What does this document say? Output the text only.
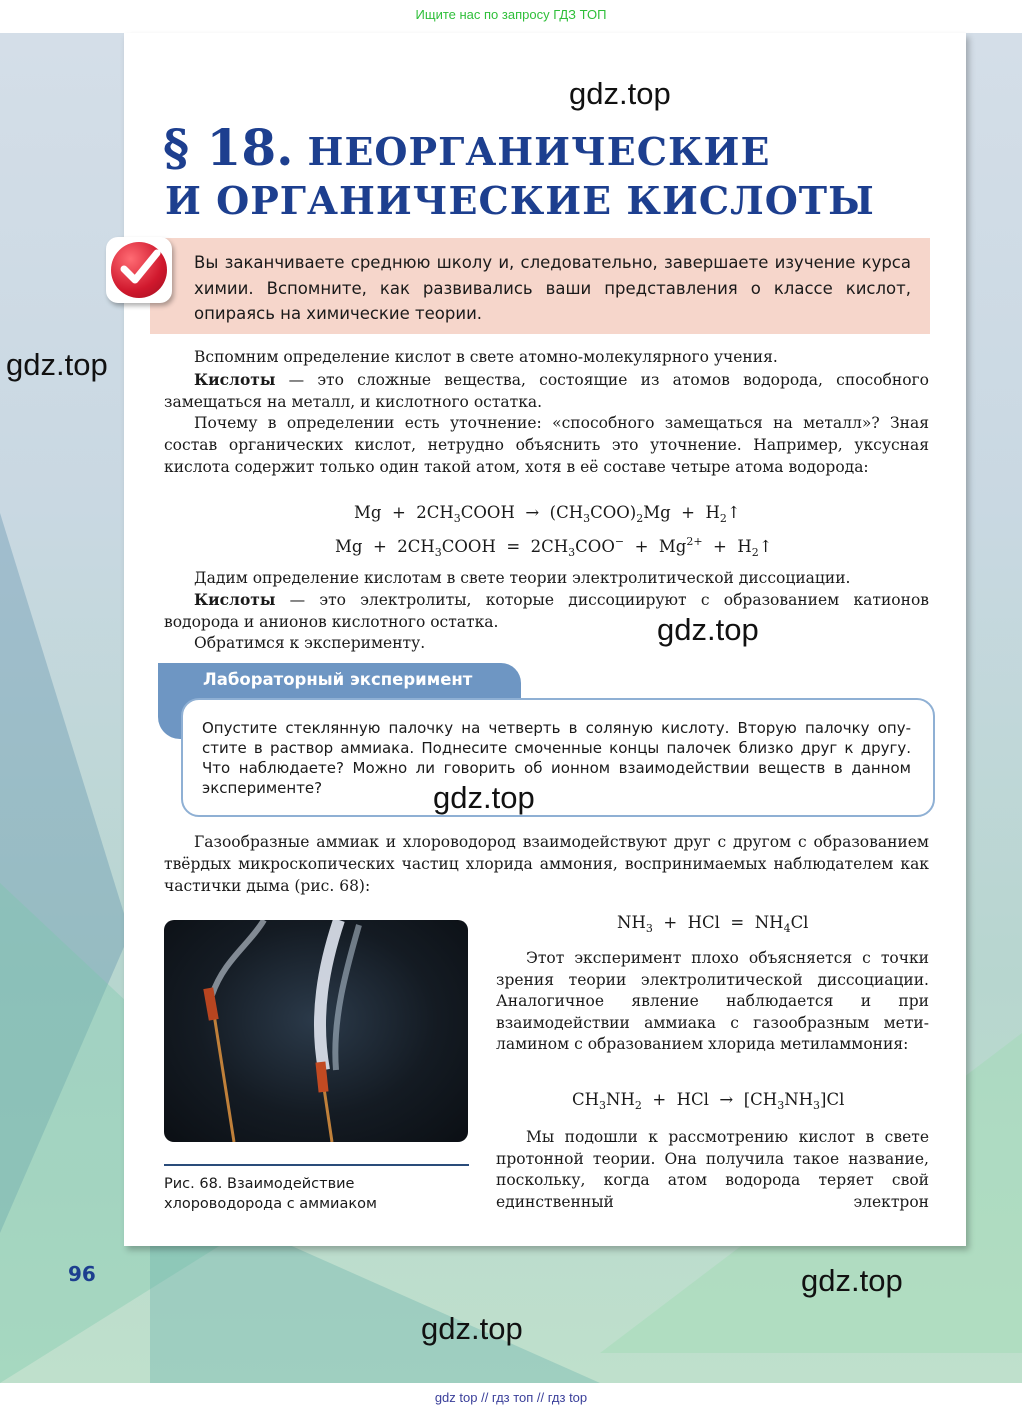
Ищите нас по запросу ГДЗ ТОП
gdz.top
§ 18. НЕОРГАНИЧЕСКИЕ
И ОРГАНИЧЕСКИЕ КИСЛОТЫ
Вы заканчиваете среднюю школу и, следовательно, завершаете изучение курса химии. Вспомните, как развивались ваши представления о классе кислот, опираясь на химические теории.
gdz.top	Вспомним определение кислот в свете атомно-молекулярного учения.
Кислоты — это сложные вещества, состоящие из атомов водорода, способного замещаться на металл, и кислотного остатка.
Почему в определении есть уточнение: «способного замещаться на металл»? Зная состав органических кислот, нетрудно объяснить это уточнение. Например, уксусная кислота содержит только один такой атом, хотя в её составе четыре атома водорода:
$Mg + 2CH_3COOH \to (CH_3COO)_2Mg$  +  $H_2↑$
$Mg + 2CH_3COOH = 2CH_3COO^- + Mg^{2+}$  +  $H_2↑$
Дадим определение кислотам в свете теории электролитической диссоциации.
Кислоты — это электролиты, которые диссоциируют с образованием катионов водорода и анионов кислотного остатка.
Обратимся к эксперименту.	gdz.top
Лабораторный эксперимент
Опустите стеклянную палочку на четверть в соляную кислоту. Вторую палочку опустите в раствор аммиака. Поднесите смоченные концы палочек близко друг к другу. Что наблюдаете? Можно ли говорить об ионном взаимодействии веществ в данном эксперименте?	gdz.top
Газообразные аммиак и хлороводород взаимодействуют друг с другом с образованием твёрдых микроскопических частиц хлорида аммония, воспринимаемых наблюдателем как частички дыма (рис. 68):
Рис. 68. Взаимодействие хлороводорода с аммиаком
$NH_3$  +  HCl  =  $NH_4Cl$
Этот эксперимент плохо объясняется с точки зрения теории электролитической диссоциации. Аналогичное явление наблюдается и при взаимодействии аммиака с газообразным метиламином с образованием хлорида метиламмония:
$CH_3NH_2$  +  HCl  →  $[CH_3NH_3]Cl$
Мы подошли к рассмотрению кислот в свете протонной теории. Она получила такое название, поскольку, когда атом водорода теряет свой единственный электрон
96	gdz.top
gdz.top
gdz top // гдз топ // гдз top
